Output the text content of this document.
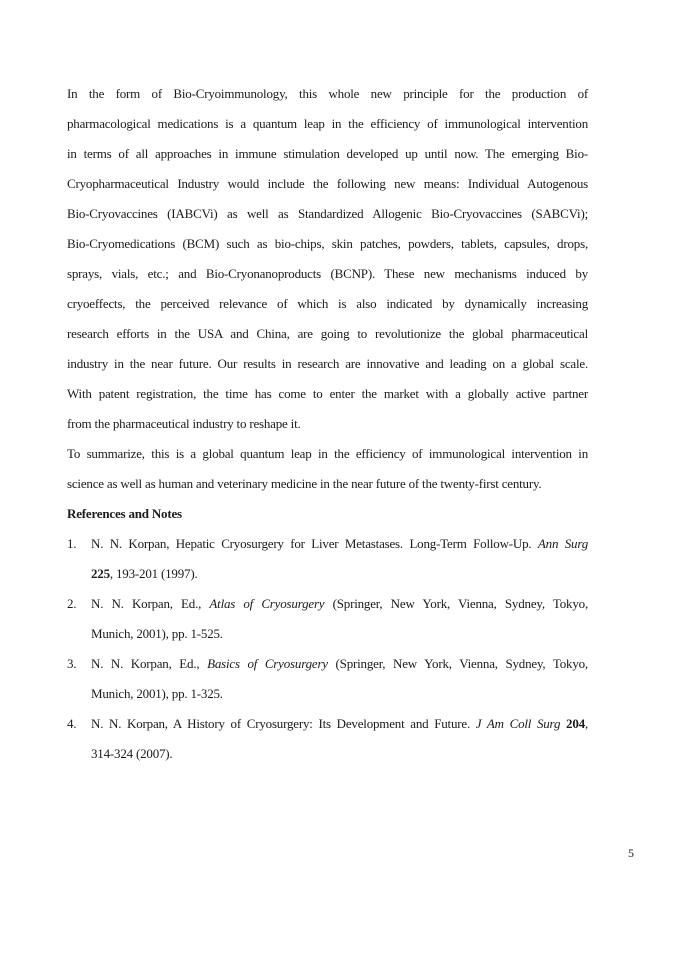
In the form of Bio-Cryoimmunology, this whole new principle for the production of
pharmacological medications is a quantum leap in the efficiency of immunological intervention
in terms of all approaches in immune stimulation developed up until now. The emerging Bio-
Cryopharmaceutical Industry would include the following new means: Individual Autogenous
Bio-Cryovaccines (IABCVi) as well as Standardized Allogenic Bio-Cryovaccines (SABCVi);
Bio-Cryomedications (BCM) such as bio-chips, skin patches, powders, tablets, capsules, drops,
sprays, vials, etc.; and Bio-Cryonanoproducts (BCNP). These new mechanisms induced by
cryoeffects, the perceived relevance of which is also indicated by dynamically increasing
research efforts in the USA and China, are going to revolutionize the global pharmaceutical
industry in the near future. Our results in research are innovative and leading on a global scale.
With patent registration, the time has come to enter the market with a globally active partner
from the pharmaceutical industry to reshape it.
To summarize, this is a global quantum leap in the efficiency of immunological intervention in
science as well as human and veterinary medicine in the near future of the twenty-first century.
References and Notes
1. N. N. Korpan, Hepatic Cryosurgery for Liver Metastases. Long-Term Follow-Up. Ann Surg
225, 193-201 (1997).
2. N. N. Korpan, Ed., Atlas of Cryosurgery (Springer, New York, Vienna, Sydney, Tokyo,
Munich, 2001), pp. 1-525.
3. N. N. Korpan, Ed., Basics of Cryosurgery (Springer, New York, Vienna, Sydney, Tokyo,
Munich, 2001), pp. 1-325.
4. N. N. Korpan, A History of Cryosurgery: Its Development and Future. J Am Coll Surg 204,
314-324 (2007).
5
